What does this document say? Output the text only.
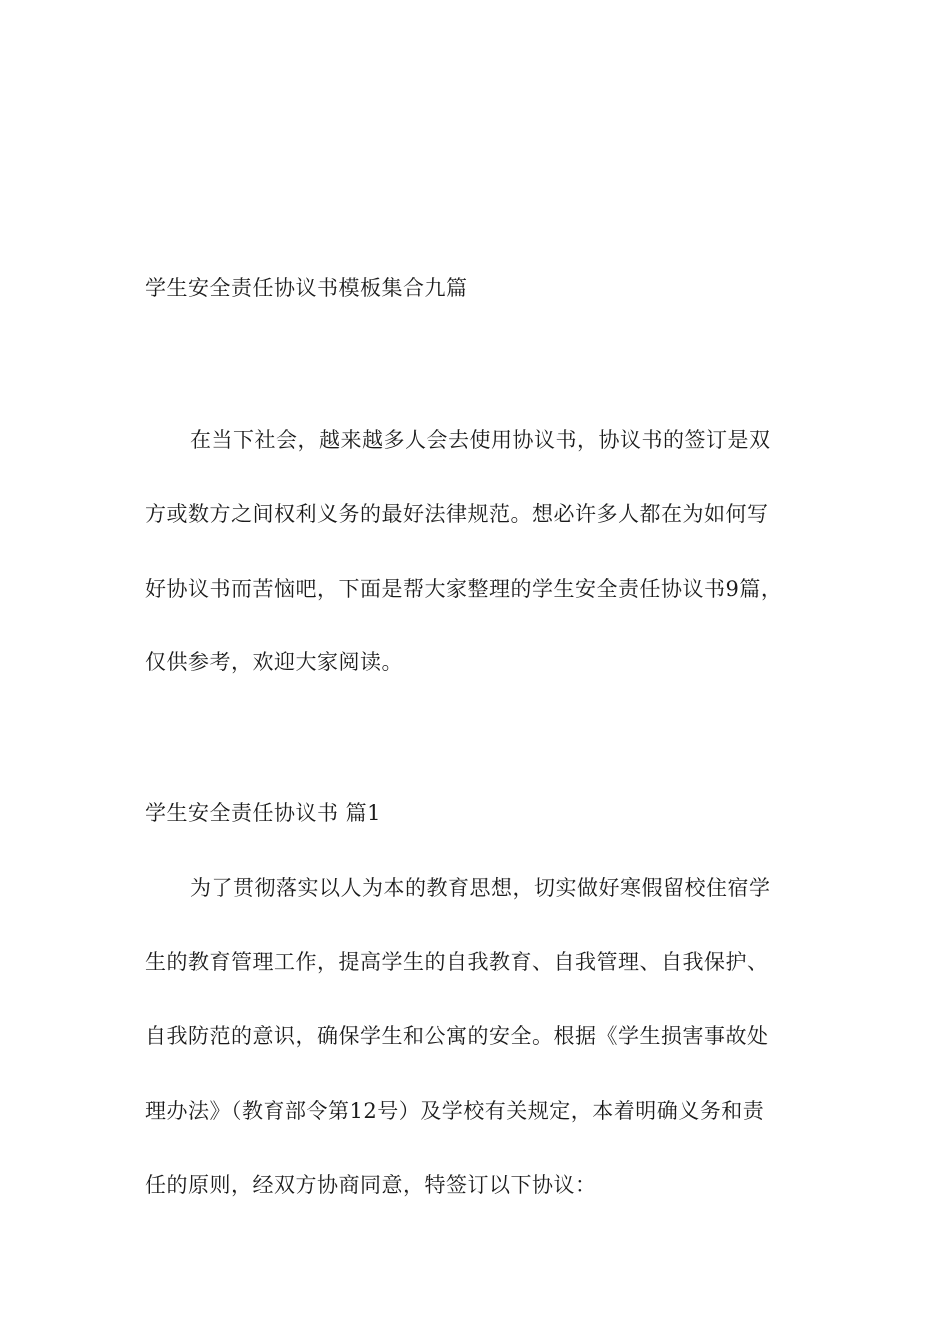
学生安全责任协议书模板集合九篇
在当下社会，越来越多人会去使用协议书，协议书的签订是双
方或数方之间权利义务的最好法律规范。想必许多人都在为如何写
好协议书而苦恼吧，下面是帮大家整理的学生安全责任协议书9篇，
仅供参考，欢迎大家阅读。
学生安全责任协议书 篇1
为了贯彻落实以人为本的教育思想，切实做好寒假留校住宿学
生的教育管理工作，提高学生的自我教育、自我管理、自我保护、
自我防范的意识，确保学生和公寓的安全。根据《学生损害事故处
理办法》（教育部令第12号）及学校有关规定，本着明确义务和责
任的原则，经双方协商同意，特签订以下协议：
